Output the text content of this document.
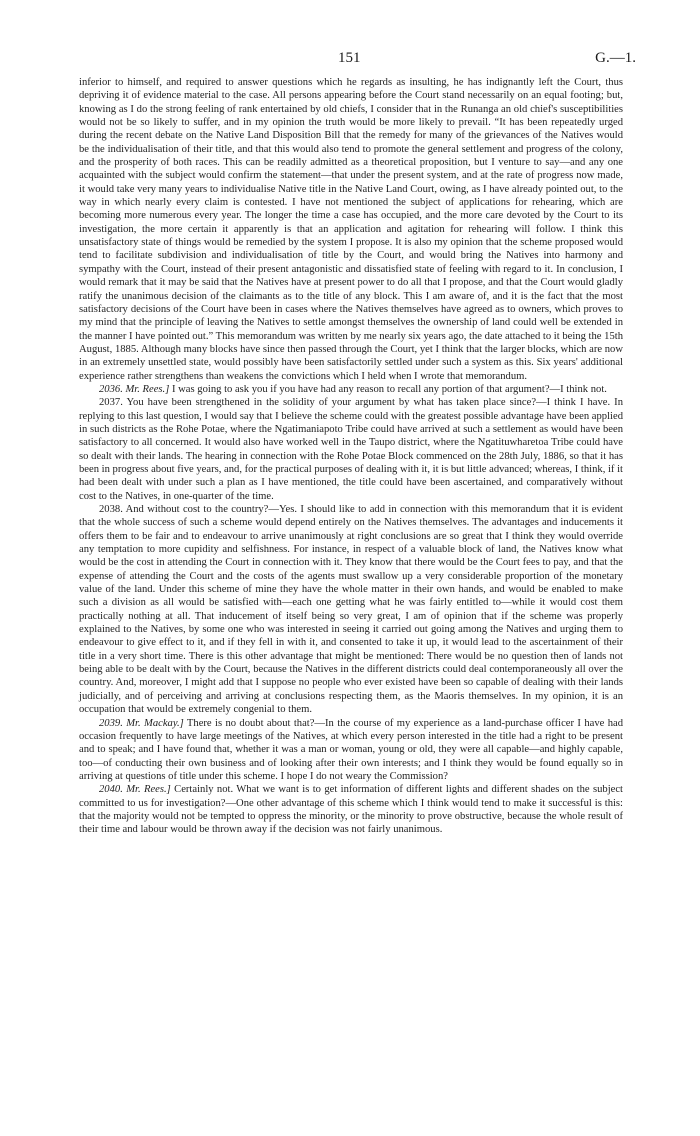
151	G.—1.

inferior to himself, and required to answer questions which he regards as insulting, he has indignantly left the Court, thus depriving it of evidence material to the case. All persons appearing before the Court stand necessarily on an equal footing; but, knowing as I do the strong feeling of rank entertained by old chiefs, I consider that in the Runanga an old chief's susceptibilities would not be so likely to suffer, and in my opinion the truth would be more likely to prevail. “It has been repeatedly urged during the recent debate on the Native Land Disposition Bill that the remedy for many of the grievances of the Natives would be the individualisation of their title, and that this would also tend to promote the general settlement and progress of the colony, and the prosperity of both races. This can be readily admitted as a theoretical proposition, but I venture to say—and any one acquainted with the subject would confirm the statement—that under the present system, and at the rate of progress now made, it would take very many years to individualise Native title in the Native Land Court, owing, as I have already pointed out, to the way in which nearly every claim is contested. I have not mentioned the subject of applications for rehearing, which are becoming more numerous every year. The longer the time a case has occupied, and the more care devoted by the Court to its investigation, the more certain it apparently is that an application and agitation for rehearing will follow. I think this unsatisfactory state of things would be remedied by the system I propose. It is also my opinion that the scheme proposed would tend to facilitate subdivision and individualisation of title by the Court, and would bring the Natives into harmony and sympathy with the Court, instead of their present antagonistic and dissatisfied state of feeling with regard to it. In conclusion, I would remark that it may be said that the Natives have at present power to do all that I propose, and that the Court would gladly ratify the unanimous decision of the claimants as to the title of any block. This I am aware of, and it is the fact that the most satisfactory decisions of the Court have been in cases where the Natives themselves have agreed as to owners, which proves to my mind that the principle of leaving the Natives to settle amongst themselves the ownership of land could well be extended in the manner I have pointed out.” This memorandum was written by me nearly six years ago, the date attached to it being the 15th August, 1885. Although many blocks have since then passed through the Court, yet I think that the larger blocks, which are now in an extremely unsettled state, would possibly have been satisfactorily settled under such a system as this. Six years' additional experience rather strengthens than weakens the convictions which I held when I wrote that memorandum.

2036. Mr. Rees.] I was going to ask you if you have had any reason to recall any portion of that argument?—I think not.

2037. You have been strengthened in the solidity of your argument by what has taken place since?—I think I have. In replying to this last question, I would say that I believe the scheme could with the greatest possible advantage have been applied in such districts as the Rohe Potae, where the Ngatimaniapoto Tribe could have arrived at such a settlement as would have been satisfactory to all concerned. It would also have worked well in the Taupo district, where the Ngatituwharetoa Tribe could have so dealt with their lands. The hearing in connection with the Rohe Potae Block commenced on the 28th July, 1886, so that it has been in progress about five years, and, for the practical purposes of dealing with it, it is but little advanced; whereas, I think, if it had been dealt with under such a plan as I have mentioned, the title could have been ascertained, and comparatively without cost to the Natives, in one-quarter of the time.

2038. And without cost to the country?—Yes. I should like to add in connection with this memorandum that it is evident that the whole success of such a scheme would depend entirely on the Natives themselves. The advantages and inducements it offers them to be fair and to endeavour to arrive unanimously at right conclusions are so great that I think they would override any temptation to more cupidity and selfishness. For instance, in respect of a valuable block of land, the Natives know what would be the cost in attending the Court in connection with it. They know that there would be the Court fees to pay, and that the expense of attending the Court and the costs of the agents must swallow up a very considerable proportion of the monetary value of the land. Under this scheme of mine they have the whole matter in their own hands, and would be enabled to make such a division as all would be satisfied with—each one getting what he was fairly entitled to—while it would cost them practically nothing at all. That inducement of itself being so very great, I am of opinion that if the scheme was properly explained to the Natives, by some one who was interested in seeing it carried out going among the Natives and urging them to endeavour to give effect to it, and if they fell in with it, and consented to take it up, it would lead to the ascertainment of their title in a very short time. There is this other advantage that might be mentioned: There would be no question then of lands not being able to be dealt with by the Court, because the Natives in the different districts could deal contemporaneously all over the country. And, moreover, I might add that I suppose no people who ever existed have been so capable of dealing with their lands judicially, and of perceiving and arriving at conclusions respecting them, as the Maoris themselves. In my opinion, it is an occupation that would be extremely congenial to them.

2039. Mr. Mackay.] There is no doubt about that?—In the course of my experience as a land-purchase officer I have had occasion frequently to have large meetings of the Natives, at which every person interested in the title had a right to be present and to speak; and I have found that, whether it was a man or woman, young or old, they were all capable—and highly capable, too—of conducting their own business and of looking after their own interests; and I think they would be found equally so in arriving at questions of title under this scheme. I hope I do not weary the Commission?

2040. Mr. Rees.] Certainly not. What we want is to get information of different lights and different shades on the subject committed to us for investigation?—One other advantage of this scheme which I think would tend to make it successful is this: that the majority would not be tempted to oppress the minority, or the minority to prove obstructive, because the whole result of their time and labour would be thrown away if the decision was not fairly unanimous.
